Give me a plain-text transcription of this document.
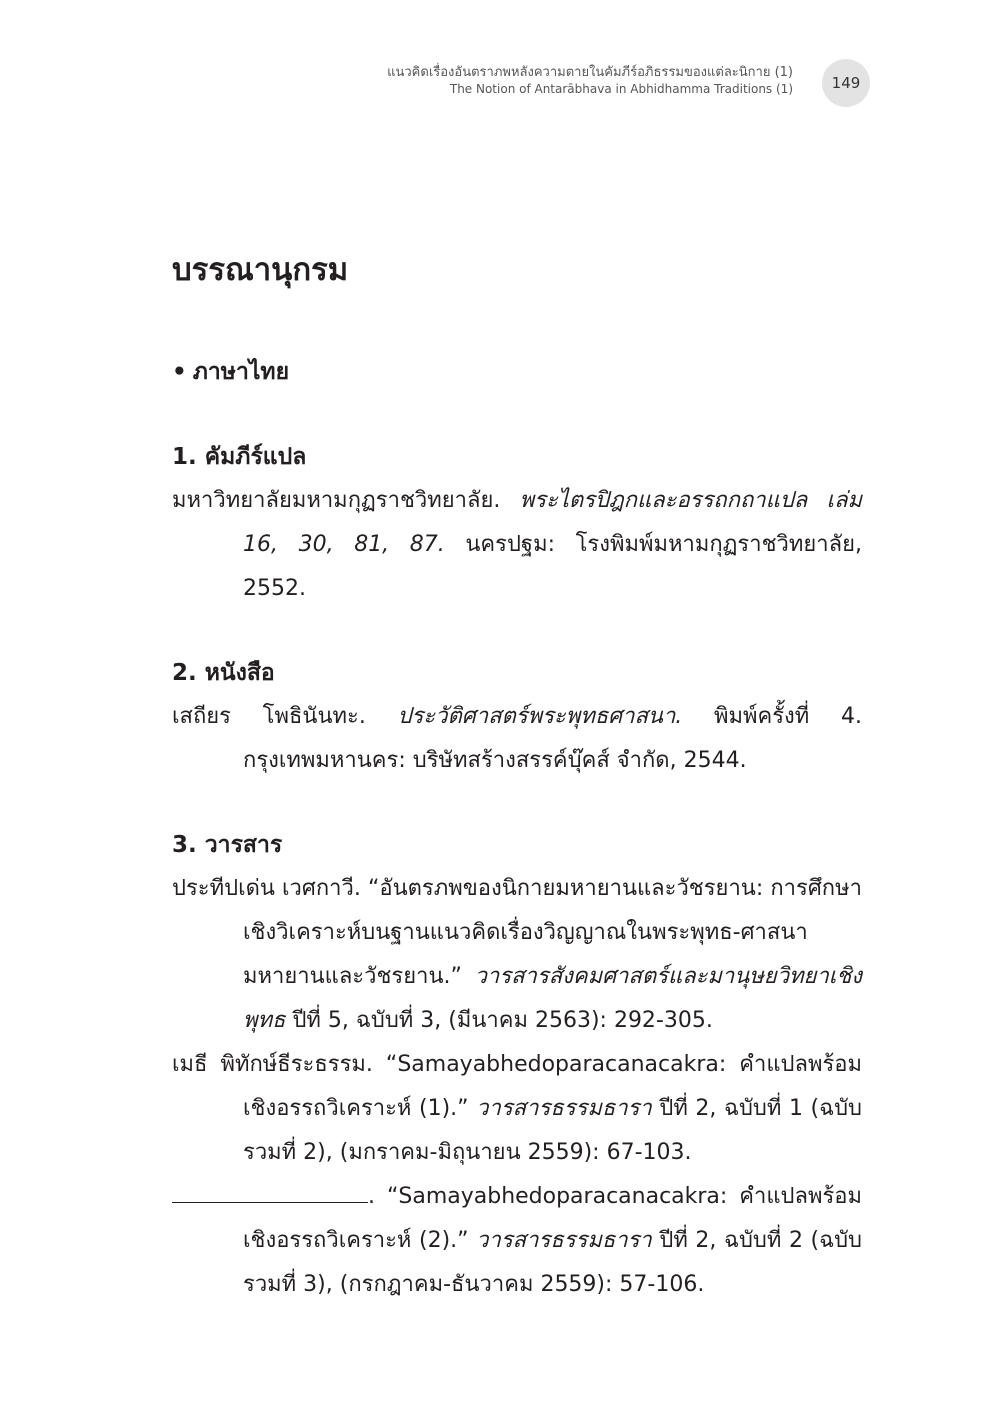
แนวคิดเรื่องอันตราภพหลังความตายในคัมภีร์อภิธรรมของแต่ละนิกาย (1)
The Notion of Antarābhava in Abhidhamma Traditions (1)	149
บรรณานุกรม
• ภาษาไทย
1. คัมภีร์แปล
มหาวิทยาลัยมหามกุฏราชวิทยาลัย. พระไตรปิฎกและอรรถกถาแปล เล่ม 16, 30, 81, 87. นครปฐม: โรงพิมพ์มหามกุฏราชวิทยาลัย, 2552.
2. หนังสือ
เสถียร โพธินันทะ. ประวัติศาสตร์พระพุทธศาสนา. พิมพ์ครั้งที่ 4. กรุงเทพมหานคร: บริษัทสร้างสรรค์บุ๊คส์ จำกัด, 2544.
3. วารสาร
ประทีปเด่น เวศกาวี. “อันตรภพของนิกายมหายานและวัชรยาน: การศึกษาเชิงวิเคราะห์บนฐานแนวคิดเรื่องวิญญาณในพระพุทธ-ศาสนามหายานและวัชรยาน.” วารสารสังคมศาสตร์และมานุษยวิทยาเชิงพุทธ ปีที่ 5, ฉบับที่ 3, (มีนาคม 2563): 292-305.
เมธี พิทักษ์ธีระธรรม. “Samayabhedoparacanacakra: คำแปลพร้อมเชิงอรรถวิเคราะห์ (1).” วารสารธรรมธารา ปีที่ 2, ฉบับที่ 1 (ฉบับรวมที่ 2), (มกราคม-มิถุนายน 2559): 67-103.
. “Samayabhedoparacanacakra: คำแปลพร้อมเชิงอรรถวิเคราะห์ (2).” วารสารธรรมธารา ปีที่ 2, ฉบับที่ 2 (ฉบับรวมที่ 3), (กรกฎาคม-ธันวาคม 2559): 57-106.
